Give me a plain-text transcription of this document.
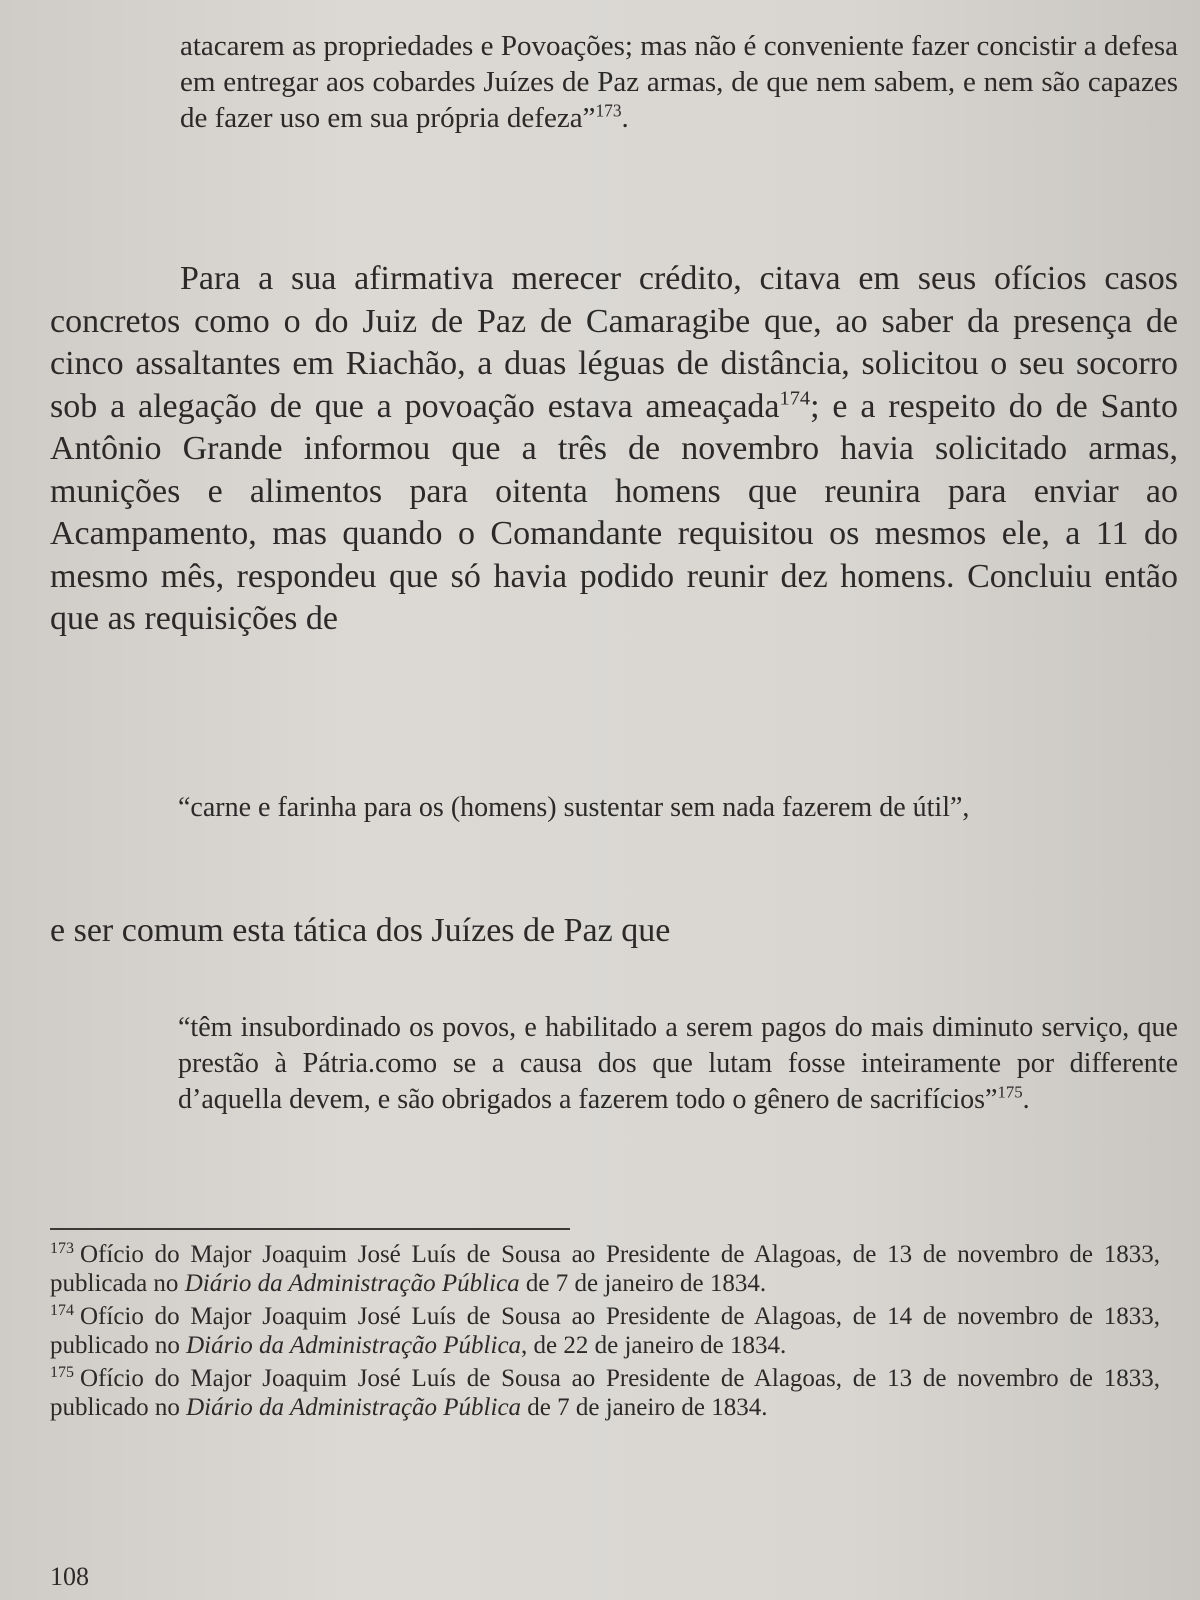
atacarem as propriedades e Povoações; mas não é conveniente fazer concistir a defesa em entregar aos cobardes Juízes de Paz armas, de que nem sabem, e nem são capazes de fazer uso em sua própria defeza”$^{173}$.
Para a sua afirmativa merecer crédito, citava em seus ofícios casos concretos como o do Juiz de Paz de Camaragibe que, ao saber da presença de cinco assaltantes em Riachão, a duas léguas de distância, solicitou o seu socorro sob a alegação de que a povoação estava ameaçada$^{174}$; e a respeito do de Santo Antônio Grande informou que a três de novembro havia solicitado armas, munições e alimentos para oitenta homens que reunira para enviar ao Acampamento, mas quando o Comandante requisitou os mesmos ele, a 11 do mesmo mês, respondeu que só havia podido reunir dez homens. Concluiu então que as requisições de
“carne e farinha para os (homens) sustentar sem nada fazerem de útil”,
e ser comum esta tática dos Juízes de Paz que
“têm insubordinado os povos, e habilitado a serem pagos do mais diminuto serviço, que prestão à Pátria.como se a causa dos que lutam fosse inteiramente por differente d’aquella devem, e são obrigados a fazerem todo o gênero de sacrifícios”$^{175}$.
$^{173}$ Ofício do Major Joaquim José Luís de Sousa ao Presidente de Alagoas, de 13 de novembro de 1833, publicada no Diário da Administração Pública de 7 de janeiro de 1834.
$^{174}$ Ofício do Major Joaquim José Luís de Sousa ao Presidente de Alagoas, de 14 de novembro de 1833, publicado no Diário da Administração Pública, de 22 de janeiro de 1834.
$^{175}$ Ofício do Major Joaquim José Luís de Sousa ao Presidente de Alagoas, de 13 de novembro de 1833, publicado no Diário da Administração Pública de 7 de janeiro de 1834.
108
